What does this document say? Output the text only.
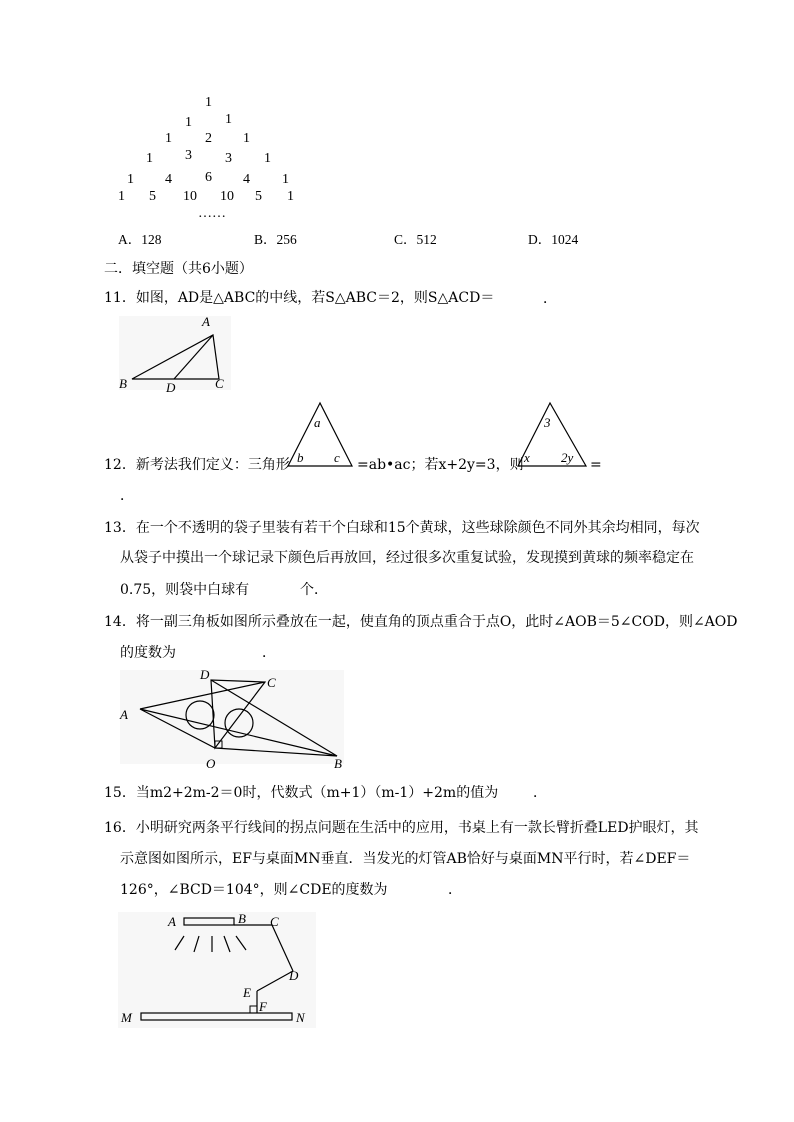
1
1 1
1 2 1
1 3 3 1
1 4 6 4 1
1 5 10 10 5 1
……
A．128	B．256	C．512	D．1024
二．填空题（共6小题）
11．如图，AD是△ABC的中线，若S△ABC＝2，则S△ACD＝	．
A
B	C
D
12．新考法我们定义：三角形
a
b c =ab•ac；若x+2y=3，则
3
x 2y =
．
13．在一个不透明的袋子里装有若干个白球和15个黄球，这些球除颜色不同外其余均相同，每次
从袋子中摸出一个球记录下颜色后再放回，经过很多次重复试验，发现摸到黄球的频率稳定在
0.75，则袋中白球有	个．
14．将一副三角板如图所示叠放在一起，使直角的顶点重合于点O，此时∠AOB＝5∠COD，则∠AOD
的度数为	．
A
B
C
D
O
15．当m2+2m-2＝0时，代数式（m+1）（m-1）+2m的值为 ．
16．小明研究两条平行线间的拐点问题在生活中的应用，书桌上有一款长臂折叠LED护眼灯，其
示意图如图所示，EF与桌面MN垂直．当发光的灯管AB恰好与桌面MN平行时，若∠DEF＝
126°，∠BCD＝104°，则∠CDE的度数为	．
A	B C
D
E
F
M	N
